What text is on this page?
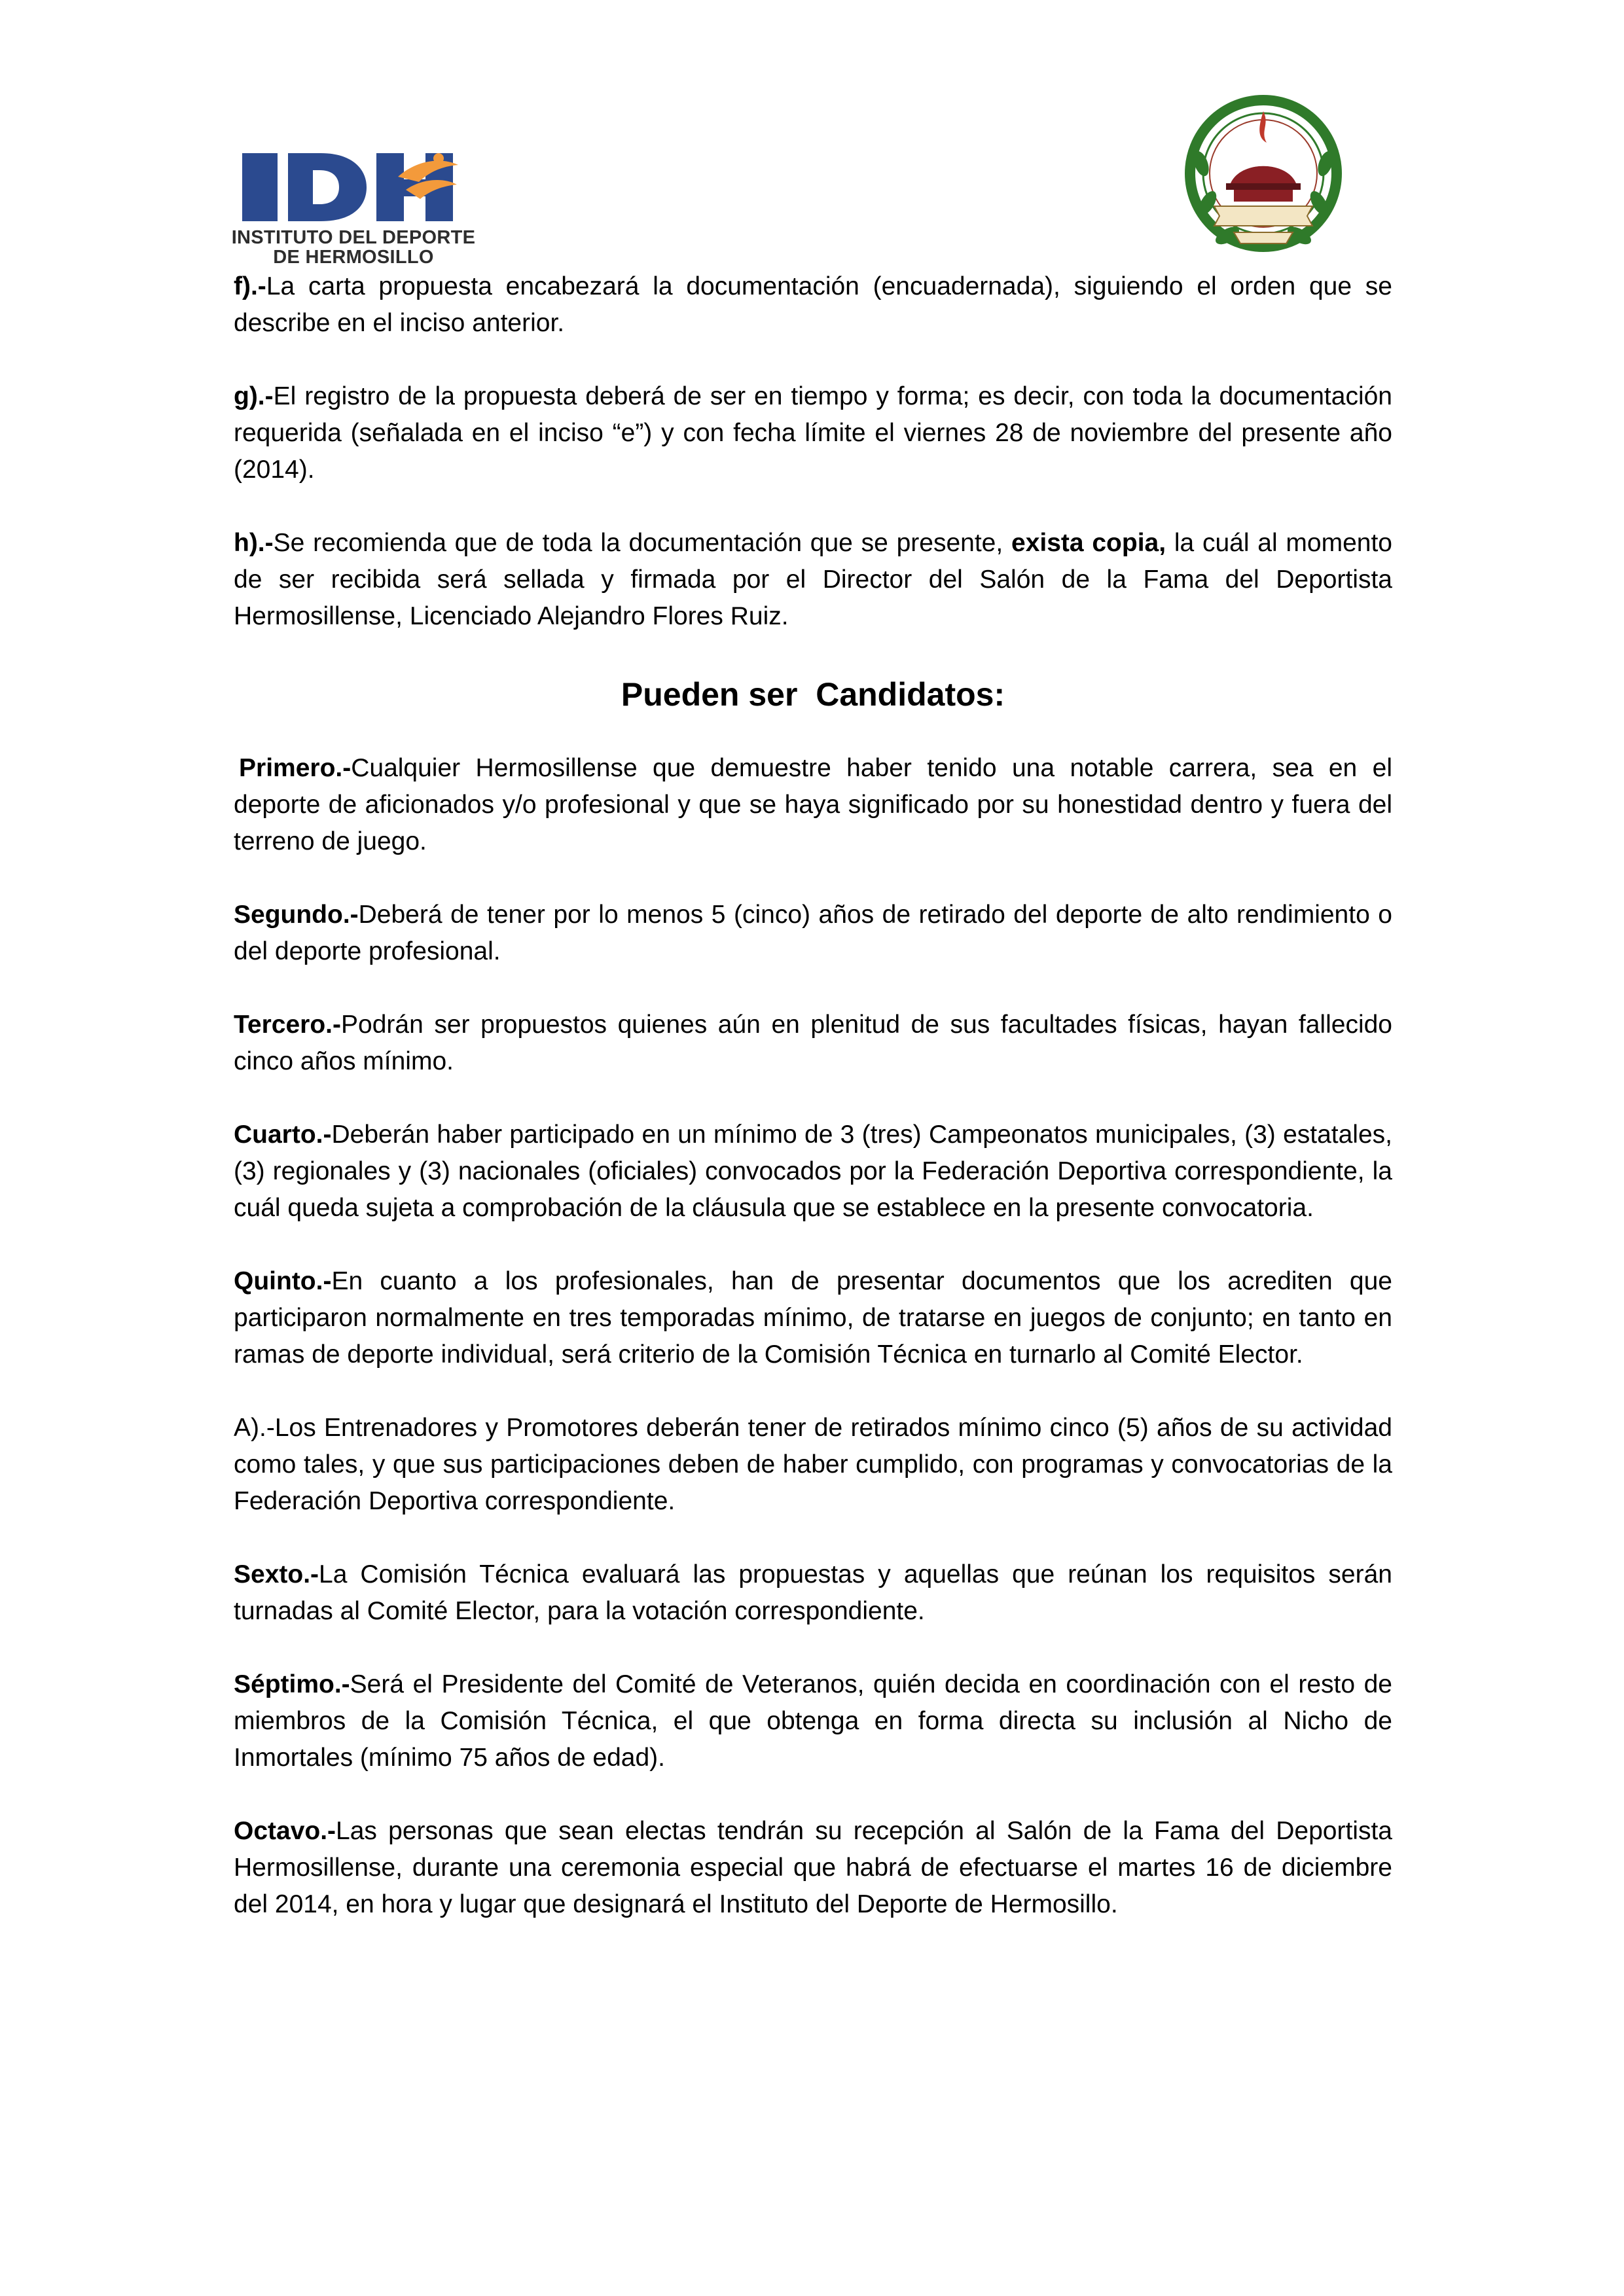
INSTITUTO DEL DEPORTE
DE HERMOSILLO

f).-La carta propuesta encabezará la documentación (encuadernada), siguiendo el orden que se describe en el inciso anterior.

g).-El registro de la propuesta deberá de ser en tiempo y forma; es decir, con toda la documentación requerida (señalada en el inciso “e”) y con fecha límite el viernes 28 de noviembre del presente año (2014).

h).-Se recomienda que de toda la documentación que se presente, exista copia, la cuál al momento de ser recibida será sellada y firmada por el Director del Salón de la Fama del Deportista Hermosillense, Licenciado Alejandro Flores Ruiz.

Pueden ser  Candidatos:

Primero.-Cualquier Hermosillense que demuestre haber tenido una notable carrera, sea en el deporte de aficionados y/o profesional y que se haya significado por su honestidad dentro y fuera del terreno de juego.

Segundo.-Deberá de tener por lo menos 5 (cinco) años de retirado del deporte de alto rendimiento o del deporte profesional.

Tercero.-Podrán ser propuestos quienes aún en plenitud de sus facultades físicas, hayan fallecido cinco años mínimo.

Cuarto.-Deberán haber participado en un mínimo de 3 (tres) Campeonatos municipales, (3) estatales,(3) regionales y (3) nacionales (oficiales) convocados por la Federación Deportiva correspondiente, la cuál queda sujeta a comprobación de la cláusula que se establece en la presente convocatoria.

Quinto.-En cuanto a los profesionales, han de presentar documentos que los acrediten que participaron normalmente en tres temporadas mínimo, de tratarse en juegos de conjunto; en tanto en ramas de deporte individual, será criterio de la Comisión Técnica en turnarlo al Comité Elector.

A).-Los Entrenadores y Promotores deberán tener de retirados mínimo cinco (5) años de su actividad como tales, y que sus participaciones deben de haber cumplido, con programas y convocatorias de la Federación Deportiva correspondiente.

Sexto.-La Comisión Técnica evaluará las propuestas y aquellas que reúnan los requisitos serán turnadas al Comité Elector, para la votación correspondiente.

Séptimo.-Será el Presidente del Comité de Veteranos, quién decida en coordinación con el resto de miembros de la Comisión Técnica, el que obtenga en forma directa su inclusión al Nicho de Inmortales (mínimo 75 años de edad).

Octavo.-Las personas que sean electas tendrán su recepción al Salón de la Fama del Deportista Hermosillense, durante una ceremonia especial que habrá de efectuarse el martes 16 de diciembre del 2014, en hora y lugar que designará el Instituto del Deporte de Hermosillo.
